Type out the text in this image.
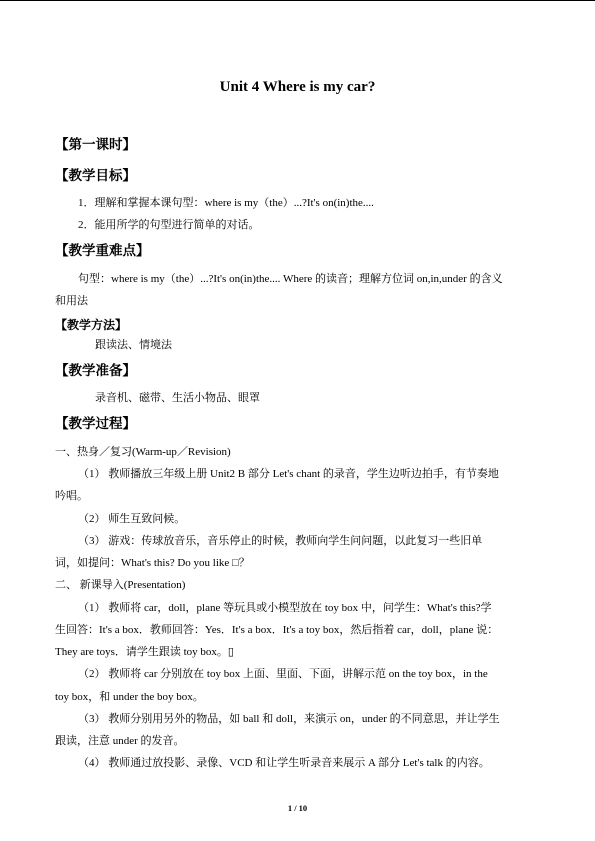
Unit 4 Where is my car?
【第一课时】
【教学目标】
1．理解和掌握本课句型：where is my（the）...?It's on(in)the....
2．能用所学的句型进行简单的对话。
【教学重难点】
句型：where is my（the）...?It's on(in)the.... Where 的读音；理解方位词 on,in,under 的含义
和用法
【教学方法】
跟读法、情境法
【教学准备】
录音机、磁带、生活小物品、眼罩
【教学过程】
一、热身／复习(Warm-up／Revision)
（1） 教师播放三年级上册 Unit2 B 部分 Let's chant 的录音，学生边听边拍手，有节奏地
吟唱。
（2） 师生互致问候。
（3） 游戏：传球放音乐，音乐停止的时候，教师向学生问问题，以此复习一些旧单
词，如提问：What's this? Do you like □？
二、 新课导入(Presentation)
（1） 教师将 car，doll，plane 等玩具或小模型放在 toy box 中，问学生：What's this?学
生回答：It's a box．教师回答：Yes．It's a box．It's a toy box，然后指着 car，doll，plane 说：
They are toys．请学生跟读 toy box。▯
（2） 教师将 car 分别放在 toy box 上面、里面、下面，讲解示范 on the toy box，in the
toy box，和 under the boy box。
（3） 教师分别用另外的物品，如 ball 和 doll，来演示 on，under 的不同意思，并让学生
跟读，注意 under 的发音。
（4） 教师通过放投影、录像、VCD 和让学生听录音来展示 A 部分 Let's talk 的内容。
1 / 10
